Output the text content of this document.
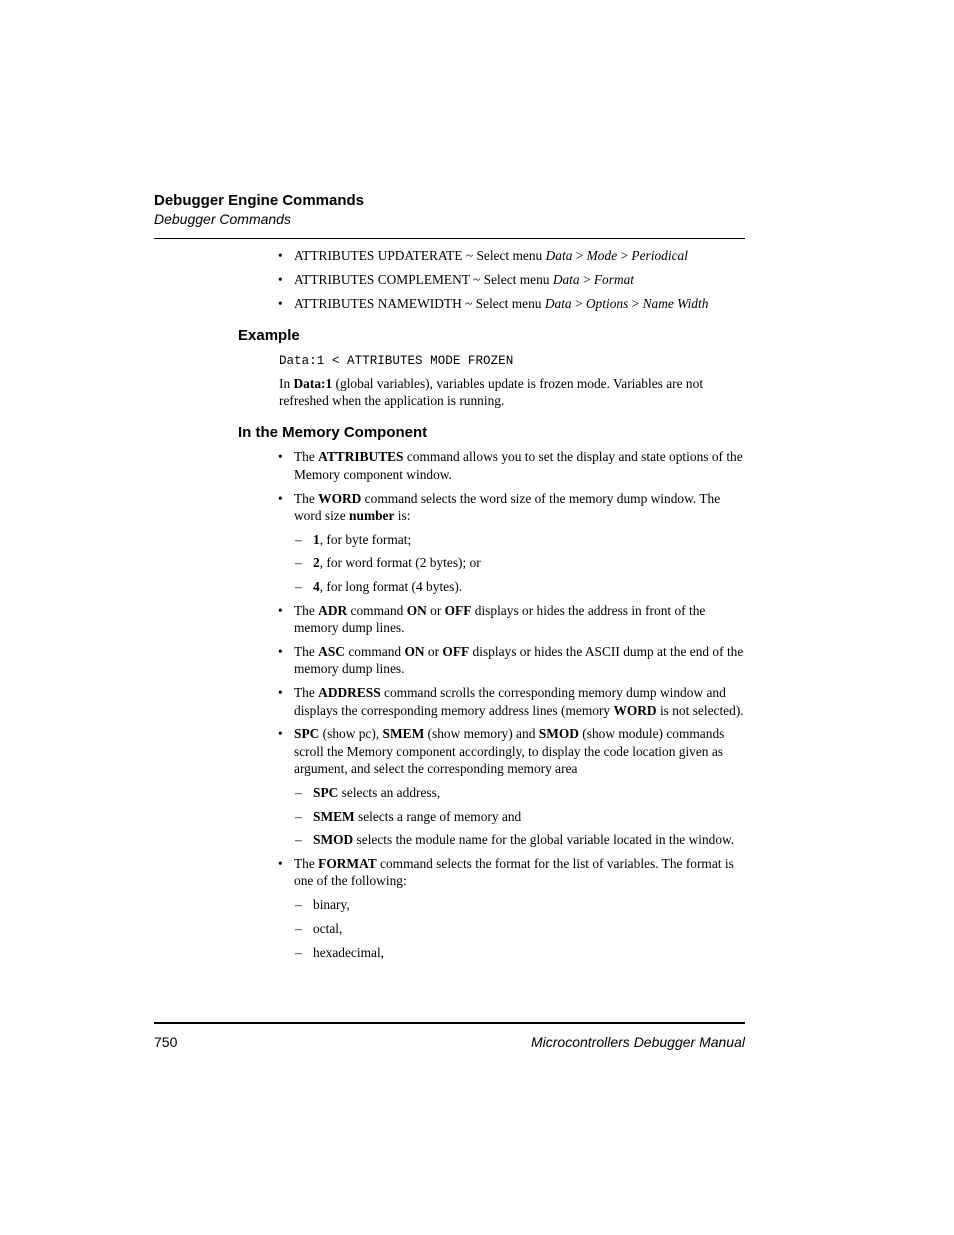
Debugger Engine Commands
Debugger Commands
• ATTRIBUTES UPDATERATE ~ Select menu Data > Mode > Periodical
• ATTRIBUTES COMPLEMENT ~ Select menu Data > Format
• ATTRIBUTES NAMEWIDTH ~ Select menu Data > Options > Name Width
Example
Data:1 < ATTRIBUTES MODE FROZEN
In Data:1 (global variables), variables update is frozen mode. Variables are not refreshed when the application is running.
In the Memory Component
• The ATTRIBUTES command allows you to set the display and state options of the Memory component window.
• The WORD command selects the word size of the memory dump window. The word size number is:
– 1, for byte format;
– 2, for word format (2 bytes); or
– 4, for long format (4 bytes).
• The ADR command ON or OFF displays or hides the address in front of the memory dump lines.
• The ASC command ON or OFF displays or hides the ASCII dump at the end of the memory dump lines.
• The ADDRESS command scrolls the corresponding memory dump window and displays the corresponding memory address lines (memory WORD is not selected).
• SPC (show pc), SMEM (show memory) and SMOD (show module) commands scroll the Memory component accordingly, to display the code location given as argument, and select the corresponding memory area
– SPC selects an address,
– SMEM selects a range of memory and
– SMOD selects the module name for the global variable located in the window.
• The FORMAT command selects the format for the list of variables. The format is one of the following:
– binary,
– octal,
– hexadecimal,
750	Microcontrollers Debugger Manual
